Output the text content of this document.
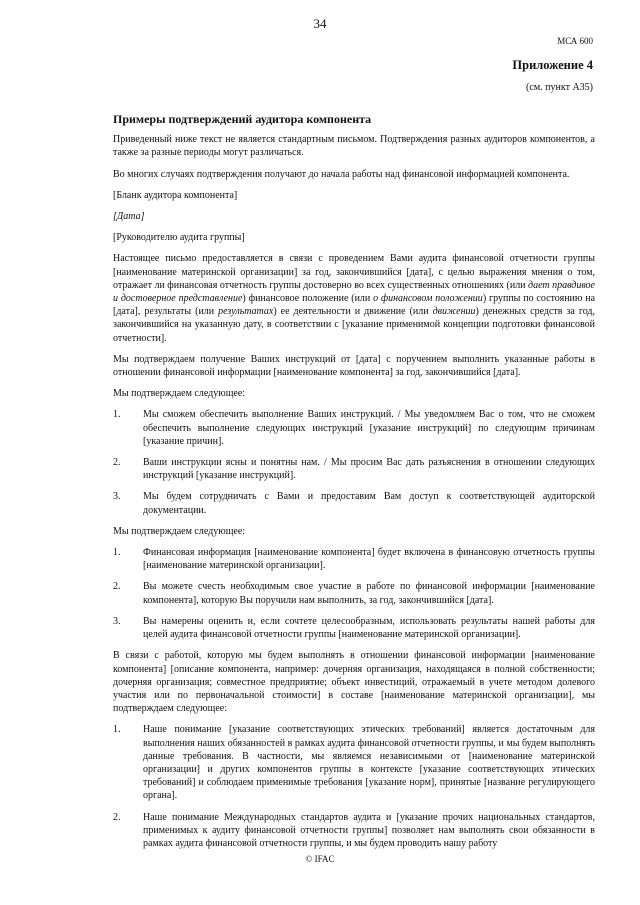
34
МСА 600
Приложение 4
(см. пункт А35)
Примеры подтверждений аудитора компонента

Приведенный ниже текст не является стандартным письмом. Подтверждения разных аудиторов компонентов, а также за разные периоды могут различаться.

Во многих случаях подтверждения получают до начала работы над финансовой информацией компонента.

[Бланк аудитора компонента]

[Дата]

[Руководителю аудита группы]

Настоящее письмо предоставляется в связи с проведением Вами аудита финансовой отчетности группы [наименование материнской организации] за год, закончившийся [дата], с целью выражения мнения о том, отражает ли финансовая отчетность группы достоверно во всех существенных отношениях (или дает правдивое и достоверное представление) финансовое положение (или о финансовом положении) группы по состоянию на [дата], результаты (или результатах) ее деятельности и движение (или движении) денежных средств за год, закончившийся на указанную дату, в соответствии с [указание применимой концепции подготовки финансовой отчетности].

Мы подтверждаем получение Ваших инструкций от [дата] с поручением выполнить указанные работы в отношении финансовой информации [наименование компонента] за год, закончившийся [дата].

Мы подтверждаем следующее:

1.	Мы сможем обеспечить выполнение Ваших инструкций. / Мы уведомляем Вас о том, что не сможем обеспечить выполнение следующих инструкций [указание инструкций] по следующим причинам [указание причин].
2.	Ваши инструкции ясны и понятны нам. / Мы просим Вас дать разъяснения в отношении следующих инструкций [указание инструкций].
3.	Мы будем сотрудничать с Вами и предоставим Вам доступ к соответствующей аудиторской документации.

Мы подтверждаем следующее:

1.	Финансовая информация [наименование компонента] будет включена в финансовую отчетность группы [наименование материнской организации].
2.	Вы можете счесть необходимым свое участие в работе по финансовой информации [наименование компонента], которую Вы поручили нам выполнить, за год, закончившийся [дата].
3.	Вы намерены оценить и, если сочтете целесообразным, использовать результаты нашей работы для целей аудита финансовой отчетности группы [наименование материнской организации].

В связи с работой, которую мы будем выполнять в отношении финансовой информации [наименование компонента] [описание компонента, например: дочерняя организация, находящаяся в полной собственности; дочерняя организация; совместное предприятие; объект инвестиций, отражаемый в учете методом долевого участия или по первоначальной стоимости] в составе [наименование материнской организации], мы подтверждаем следующее:

1.	Наше понимание [указание соответствующих этических требований] является достаточным для выполнения наших обязанностей в рамках аудита финансовой отчетности группы, и мы будем выполнять данные требования. В частности, мы являемся независимыми от [наименование материнской организации] и других компонентов группы в контексте [указание соответствующих этических требований] и соблюдаем применимые требования [указание норм], принятые [название регулирующего органа].
2.	Наше понимание Международных стандартов аудита и [указание прочих национальных стандартов, применимых к аудиту финансовой отчетности группы] позволяет нам выполнять свои обязанности в рамках аудита финансовой отчетности группы, и мы будем проводить нашу работу
© IFAC
